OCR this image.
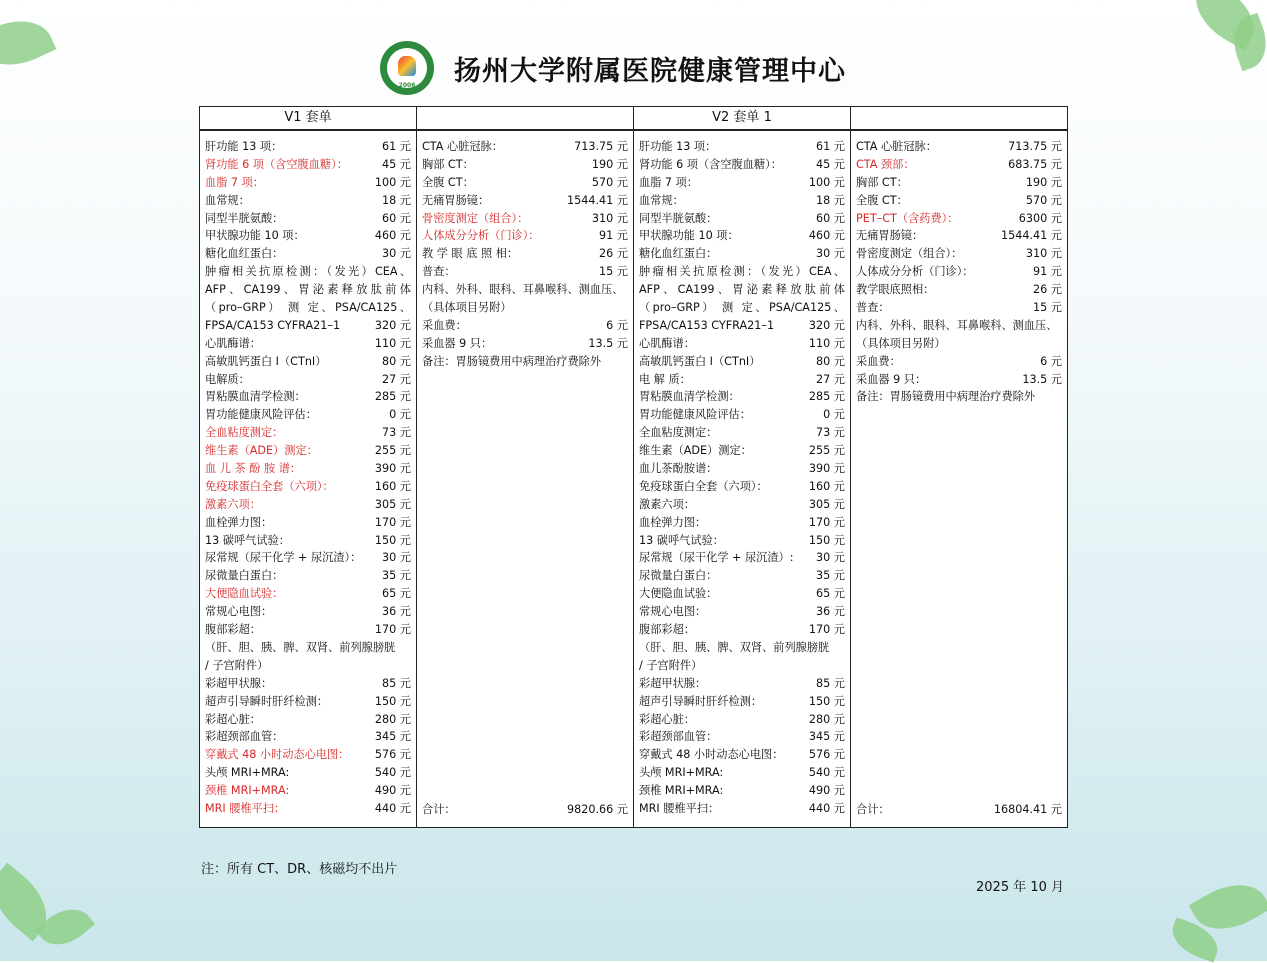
2006	扬州大学附属医院健康管理中心
V1 套单	V2 套单 1
肝功能 13 项：	61 元
肾功能 6 项（含空腹血糖）：	45 元
血脂 7 项：	100 元
血常规：	18 元
同型半胱氨酸：	60 元
甲状腺功能 10 项：	460 元
糖化血红蛋白：	30 元
肿瘤相关抗原检测：（发光）CEA、
AFP、CA199、胃泌素释放肽前体
（pro–GRP） 测 定、PSA/CA125、
FPSA/CA153 CYFRA21–1	320 元
心肌酶谱：	110 元
高敏肌钙蛋白 Ⅰ（CTnI）	80 元
电解质：	27 元
胃粘膜血清学检测：	285 元
胃功能健康风险评估：	0 元
全血粘度测定：	73 元
维生素（ADE）测定：	255 元
血 儿 茶 酚 胺 谱：	390 元
免疫球蛋白全套（六项）：	160 元
激素六项：	305 元
血栓弹力图：	170 元
13 碳呼气试验：	150 元
尿常规（尿干化学 + 尿沉渣）： 30 元
尿微量白蛋白：	35 元
大便隐血试验：	65 元
常规心电图：	36 元
腹部彩超：	170 元
（肝、胆、胰、脾、双肾、前列腺膀胱
/ 子宫附件）
彩超甲状腺：	85 元
超声引导瞬时肝纤检测：	150 元
彩超心脏：	280 元
彩超颈部血管：	345 元
穿戴式 48 小时动态心电图： 576 元
头颅 MRI+MRA:	540 元
颈椎 MRI+MRA:	490 元
MRI 腰椎平扫：	440 元
CTA 心脏冠脉：	713.75 元
胸部 CT：	190 元
全腹 CT：	570 元
无痛胃肠镜：	1544.41 元
骨密度测定（组合）：	310 元
人体成分分析（门诊）：	91 元
教 学 眼 底 照 相：	26 元
普查：	15 元
内科、外科、眼科、耳鼻喉科、测血压、
（具体项目另附）
采血费：	6 元
采血器 9 只：	13.5 元
备注：胃肠镜费用中病理治疗费除外
肝功能 13 项：	61 元
肾功能 6 项（含空腹血糖）：	45 元
血脂 7 项：	100 元
血常规：	18 元
同型半胱氨酸：	60 元
甲状腺功能 10 项：	460 元
糖化血红蛋白：	30 元
肿瘤相关抗原检测：（发光）CEA、
AFP、CA199、胃泌素释放肽前体
（pro–GRP） 测 定、PSA/CA125、
FPSA/CA153 CYFRA21–1	320 元
心肌酶谱：	110 元
高敏肌钙蛋白 Ⅰ（CTnI）	80 元
电 解 质：	27 元
胃粘膜血清学检测：	285 元
胃功能健康风险评估：	0 元
全血粘度测定：	73 元
维生素（ADE）测定：	255 元
血儿茶酚胺谱：	390 元
免疫球蛋白全套（六项）：	160 元
激素六项：	305 元
血栓弹力图：	170 元
13 碳呼气试验：	150 元
尿常规（尿干化学 + 尿沉渣）: 30 元
尿微量白蛋白：	35 元
大便隐血试验：	65 元
常规心电图：	36 元
腹部彩超：	170 元
（肝、胆、胰、脾、双肾、前列腺膀胱
/ 子宫附件）
彩超甲状腺：	85 元
超声引导瞬时肝纤检测：	150 元
彩超心脏：	280 元
彩超颈部血管：	345 元
穿戴式 48 小时动态心电图： 576 元
头颅 MRI+MRA:	540 元
颈椎 MRI+MRA:	490 元
MRI 腰椎平扫：	440 元
CTA 心脏冠脉：	713.75 元
CTA 颈部：	683.75 元
胸部 CT：	190 元
全腹 CT：	570 元
PET–CT（含药费）：	6300 元
无痛胃肠镜：	1544.41 元
骨密度测定（组合）：	310 元
人体成分分析（门诊）：	91 元
教学眼底照相：	26 元
普查：	15 元
内科、外科、眼科、耳鼻喉科、测血压、
（具体项目另附）
采血费：	6 元
采血器 9 只：	13.5 元
备注：胃肠镜费用中病理治疗费除外
合计：	9820.66 元	合计：	16804.41 元
注：所有 CT、DR、核磁均不出片
2025 年 10 月
